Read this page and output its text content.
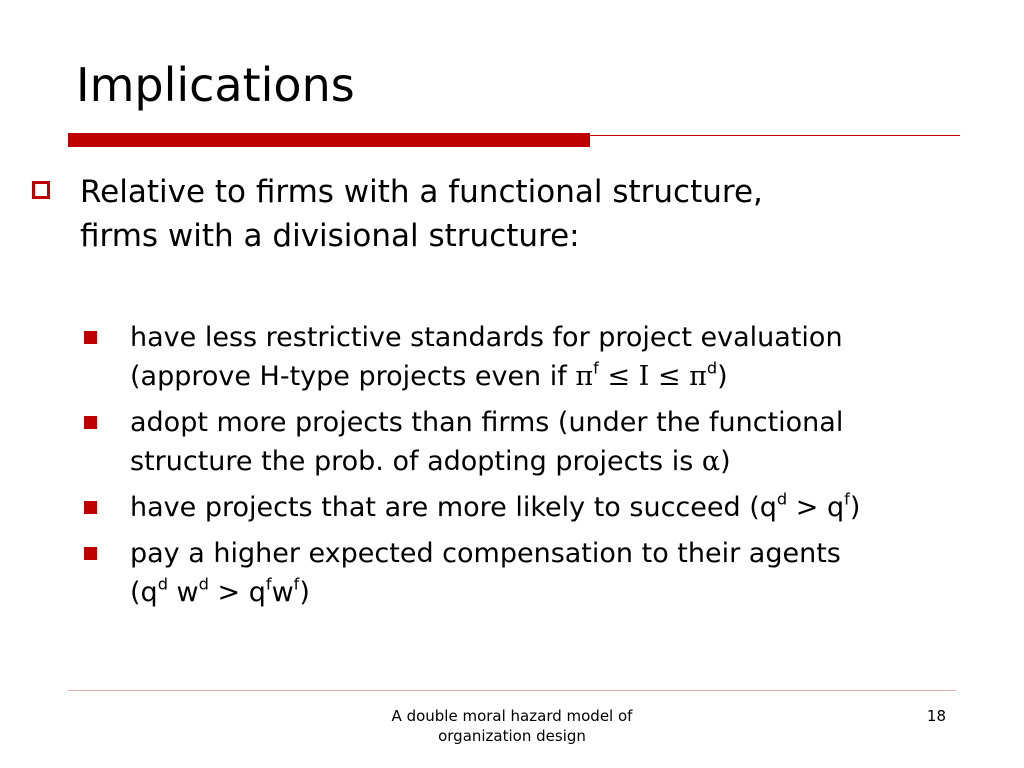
Implications
Relative to firms with a functional structure,
firms with a divisional structure:
have less restrictive standards for project evaluation
(approve H-type projects even if $\pi^f \le I \le \pi^d$)
adopt more projects than firms (under the functional
structure the prob. of adopting projects is α)
have projects that are more likely to succeed $(q^d > q^f)$
pay a higher expected compensation to their agents
($q^d$ $w^d > q^fw^f$)
A double moral hazard model of
organization design
18
